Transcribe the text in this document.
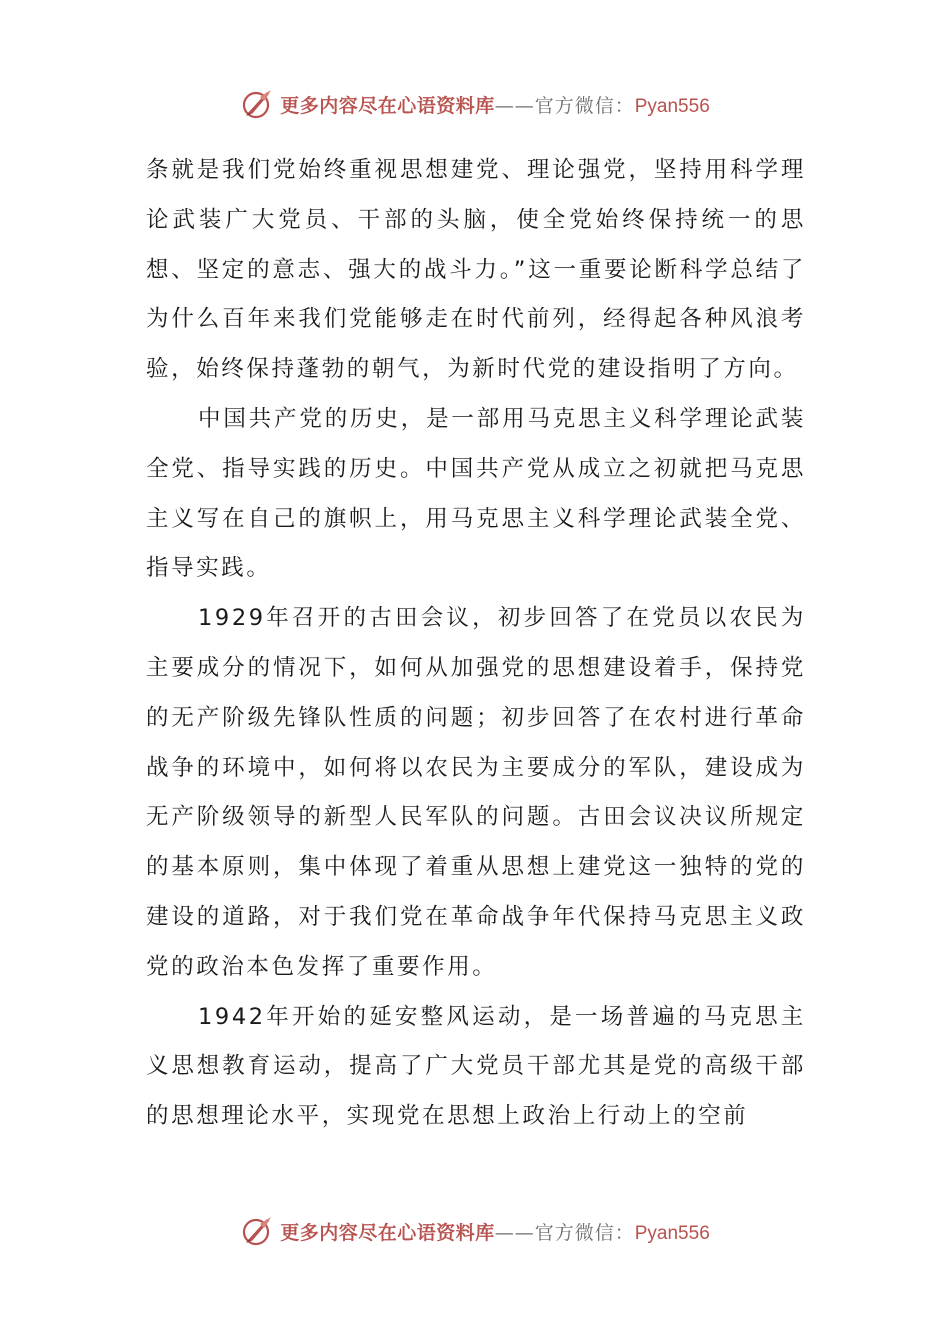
更多内容尽在心语资料库 —— 官方微信： Pyan556

条就是我们党始终重视思想建党、理论强党，坚持用科学理论武装广大党员、干部的头脑，使全党始终保持统一的思想、坚定的意志、强大的战斗力。”这一重要论断科学总结了为什么百年来我们党能够走在时代前列，经得起各种风浪考验，始终保持蓬勃的朝气，为新时代党的建设指明了方向。

中国共产党的历史，是一部用马克思主义科学理论武装全党、指导实践的历史。中国共产党从成立之初就把马克思主义写在自己的旗帜上，用马克思主义科学理论武装全党、指导实践。

1929年召开的古田会议，初步回答了在党员以农民为主要成分的情况下，如何从加强党的思想建设着手，保持党的无产阶级先锋队性质的问题；初步回答了在农村进行革命战争的环境中，如何将以农民为主要成分的军队，建设成为无产阶级领导的新型人民军队的问题。古田会议决议所规定的基本原则，集中体现了着重从思想上建党这一独特的党的建设的道路，对于我们党在革命战争年代保持马克思主义政党的政治本色发挥了重要作用。

1942年开始的延安整风运动，是一场普遍的马克思主义思想教育运动，提高了广大党员干部尤其是党的高级干部的思想理论水平，实现党在思想上政治上行动上的空前

更多内容尽在心语资料库 —— 官方微信： Pyan556
